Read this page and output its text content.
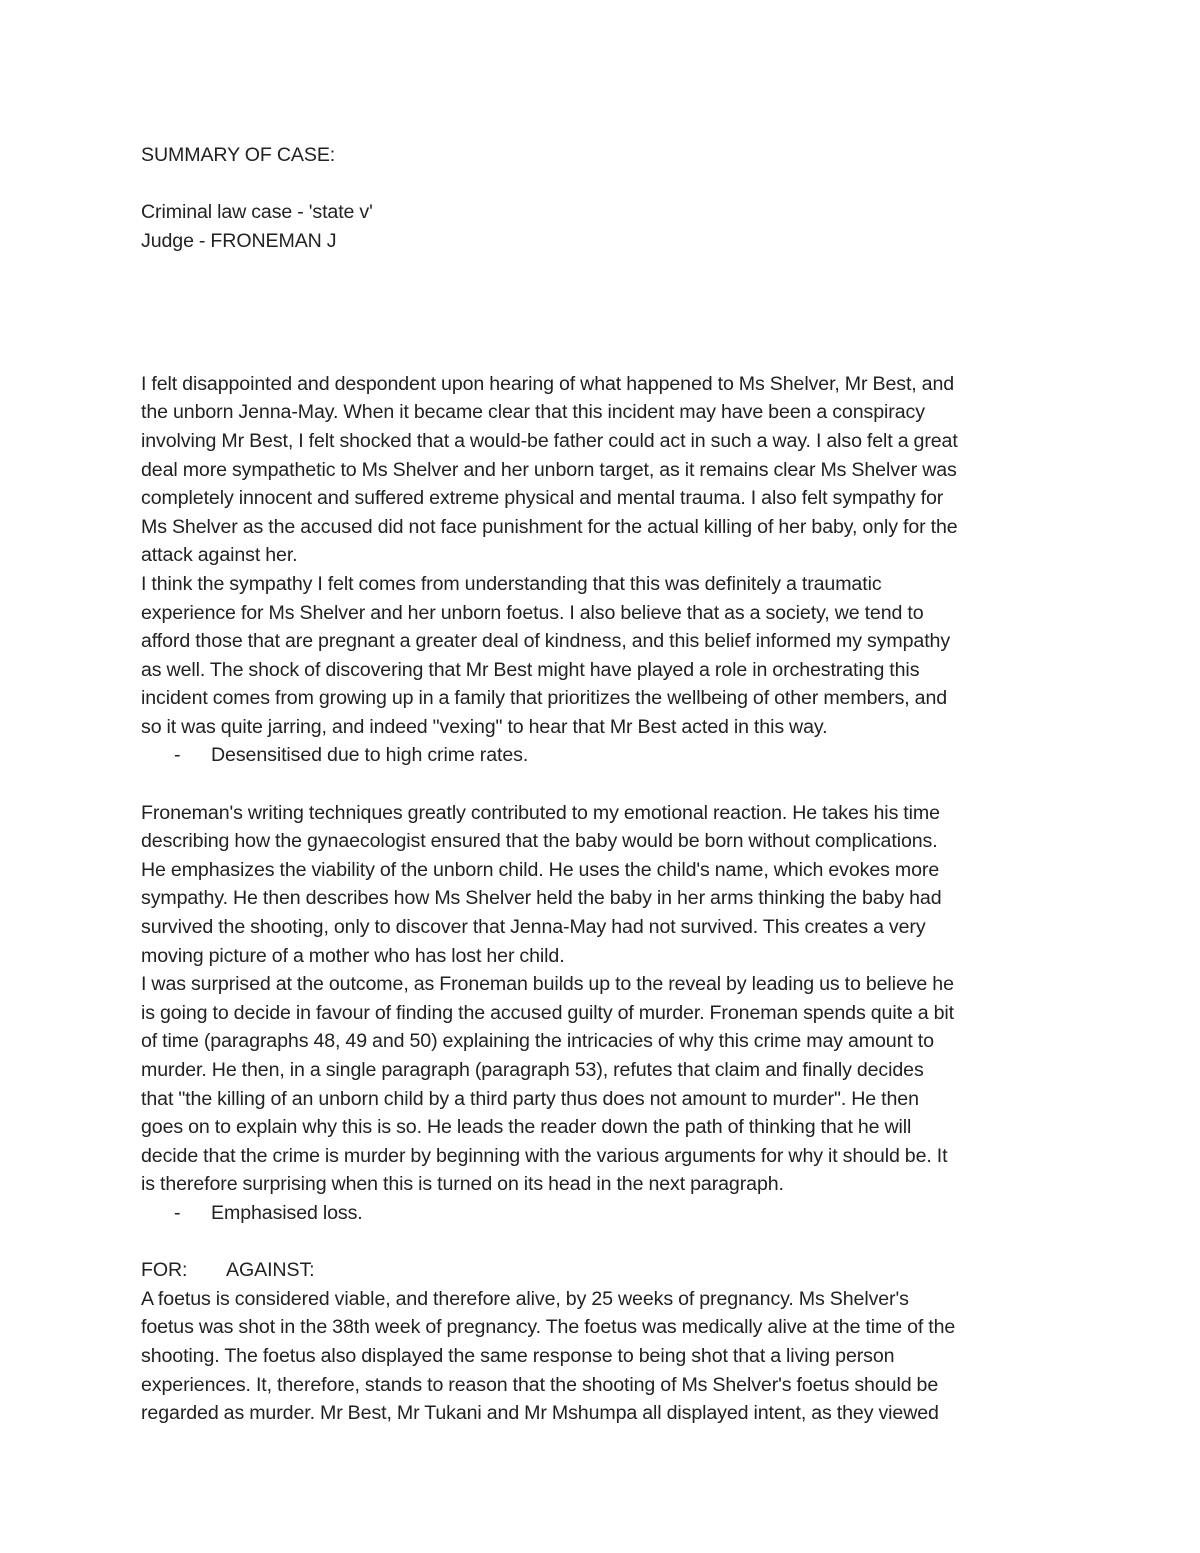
SUMMARY OF CASE:
Criminal law case - 'state v'
Judge - FRONEMAN J
I felt disappointed and despondent upon hearing of what happened to Ms Shelver, Mr Best, and
the unborn Jenna-May. When it became clear that this incident may have been a conspiracy
involving Mr Best, I felt shocked that a would-be father could act in such a way. I also felt a great
deal more sympathetic to Ms Shelver and her unborn target, as it remains clear Ms Shelver was
completely innocent and suffered extreme physical and mental trauma. I also felt sympathy for
Ms Shelver as the accused did not face punishment for the actual killing of her baby, only for the
attack against her.
I think the sympathy I felt comes from understanding that this was definitely a traumatic
experience for Ms Shelver and her unborn foetus. I also believe that as a society, we tend to
afford those that are pregnant a greater deal of kindness, and this belief informed my sympathy
as well. The shock of discovering that Mr Best might have played a role in orchestrating this
incident comes from growing up in a family that prioritizes the wellbeing of other members, and
so it was quite jarring, and indeed "vexing" to hear that Mr Best acted in this way.
- Desensitised due to high crime rates.
Froneman's writing techniques greatly contributed to my emotional reaction. He takes his time
describing how the gynaecologist ensured that the baby would be born without complications.
He emphasizes the viability of the unborn child. He uses the child's name, which evokes more
sympathy. He then describes how Ms Shelver held the baby in her arms thinking the baby had
survived the shooting, only to discover that Jenna-May had not survived. This creates a very
moving picture of a mother who has lost her child.
I was surprised at the outcome, as Froneman builds up to the reveal by leading us to believe he
is going to decide in favour of finding the accused guilty of murder. Froneman spends quite a bit
of time (paragraphs 48, 49 and 50) explaining the intricacies of why this crime may amount to
murder. He then, in a single paragraph (paragraph 53), refutes that claim and finally decides
that "the killing of an unborn child by a third party thus does not amount to murder". He then
goes on to explain why this is so. He leads the reader down the path of thinking that he will
decide that the crime is murder by beginning with the various arguments for why it should be. It
is therefore surprising when this is turned on its head in the next paragraph.
- Emphasised loss.
FOR: AGAINST:
A foetus is considered viable, and therefore alive, by 25 weeks of pregnancy. Ms Shelver's
foetus was shot in the 38th week of pregnancy. The foetus was medically alive at the time of the
shooting. The foetus also displayed the same response to being shot that a living person
experiences. It, therefore, stands to reason that the shooting of Ms Shelver's foetus should be
regarded as murder. Mr Best, Mr Tukani and Mr Mshumpa all displayed intent, as they viewed
